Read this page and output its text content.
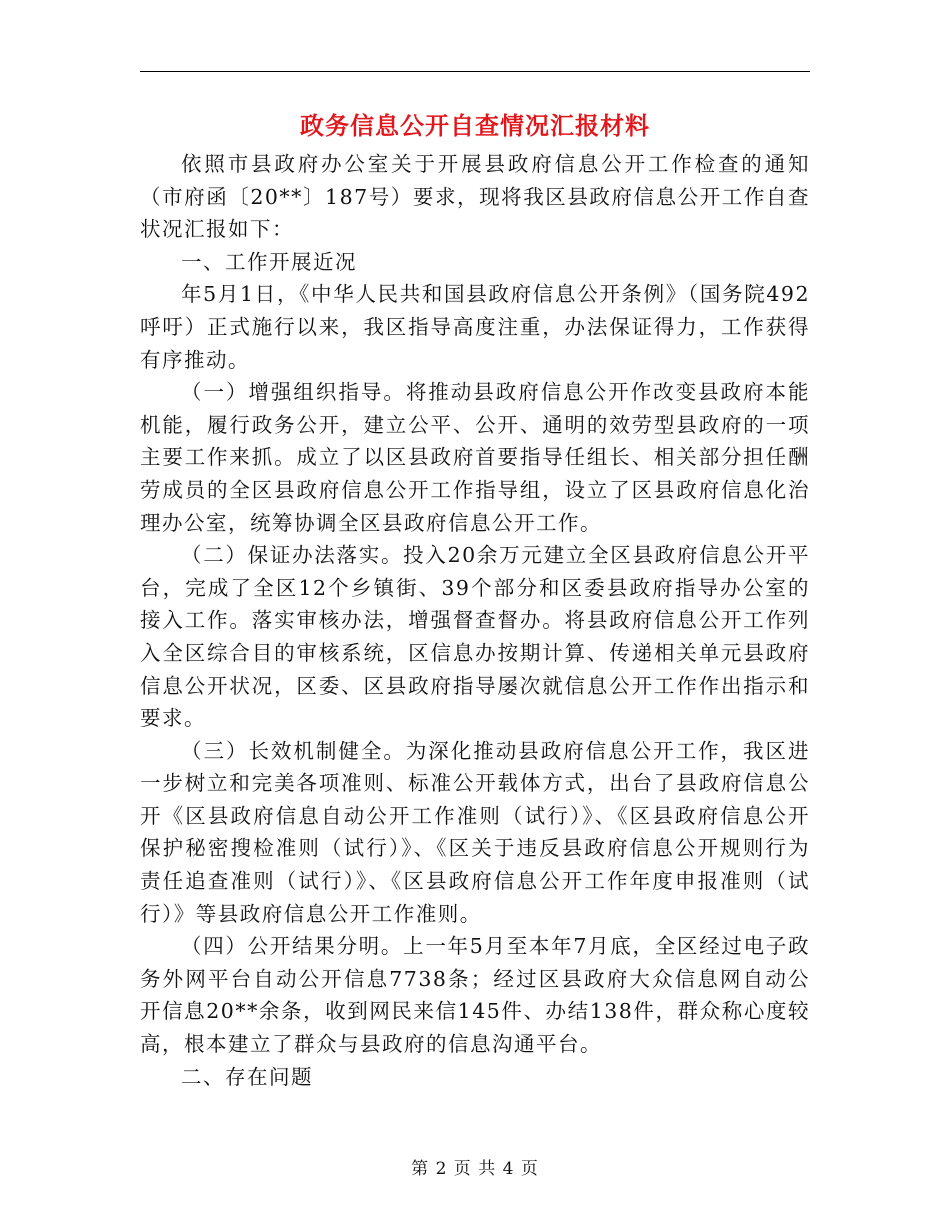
政务信息公开自查情况汇报材料

依照市县政府办公室关于开展县政府信息公开工作检查的通知（市府函〔20**〕187号）要求，现将我区县政府信息公开工作自查状况汇报如下：

一、工作开展近况

年5月1日，《中华人民共和国县政府信息公开条例》（国务院492呼吁）正式施行以来，我区指导高度注重，办法保证得力，工作获得有序推动。

（一）增强组织指导。将推动县政府信息公开作改变县政府本能机能，履行政务公开，建立公平、公开、通明的效劳型县政府的一项主要工作来抓。成立了以区县政府首要指导任组长、相关部分担任酬劳成员的全区县政府信息公开工作指导组，设立了区县政府信息化治理办公室，统筹协调全区县政府信息公开工作。

（二）保证办法落实。投入20余万元建立全区县政府信息公开平台，完成了全区12个乡镇街、39个部分和区委县政府指导办公室的接入工作。落实审核办法，增强督查督办。将县政府信息公开工作列入全区综合目的审核系统，区信息办按期计算、传递相关单元县政府信息公开状况，区委、区县政府指导屡次就信息公开工作作出指示和要求。

（三）长效机制健全。为深化推动县政府信息公开工作，我区进一步树立和完美各项准则、标准公开载体方式，出台了县政府信息公开《区县政府信息自动公开工作准则（试行）》、《区县政府信息公开保护秘密搜检准则（试行）》、《区关于违反县政府信息公开规则行为责任追查准则（试行）》、《区县政府信息公开工作年度申报准则（试行）》等县政府信息公开工作准则。

（四）公开结果分明。上一年5月至本年7月底，全区经过电子政务外网平台自动公开信息7738条；经过区县政府大众信息网自动公开信息20**余条，收到网民来信145件、办结138件，群众称心度较高，根本建立了群众与县政府的信息沟通平台。

二、存在问题

第 2 页 共 4 页
